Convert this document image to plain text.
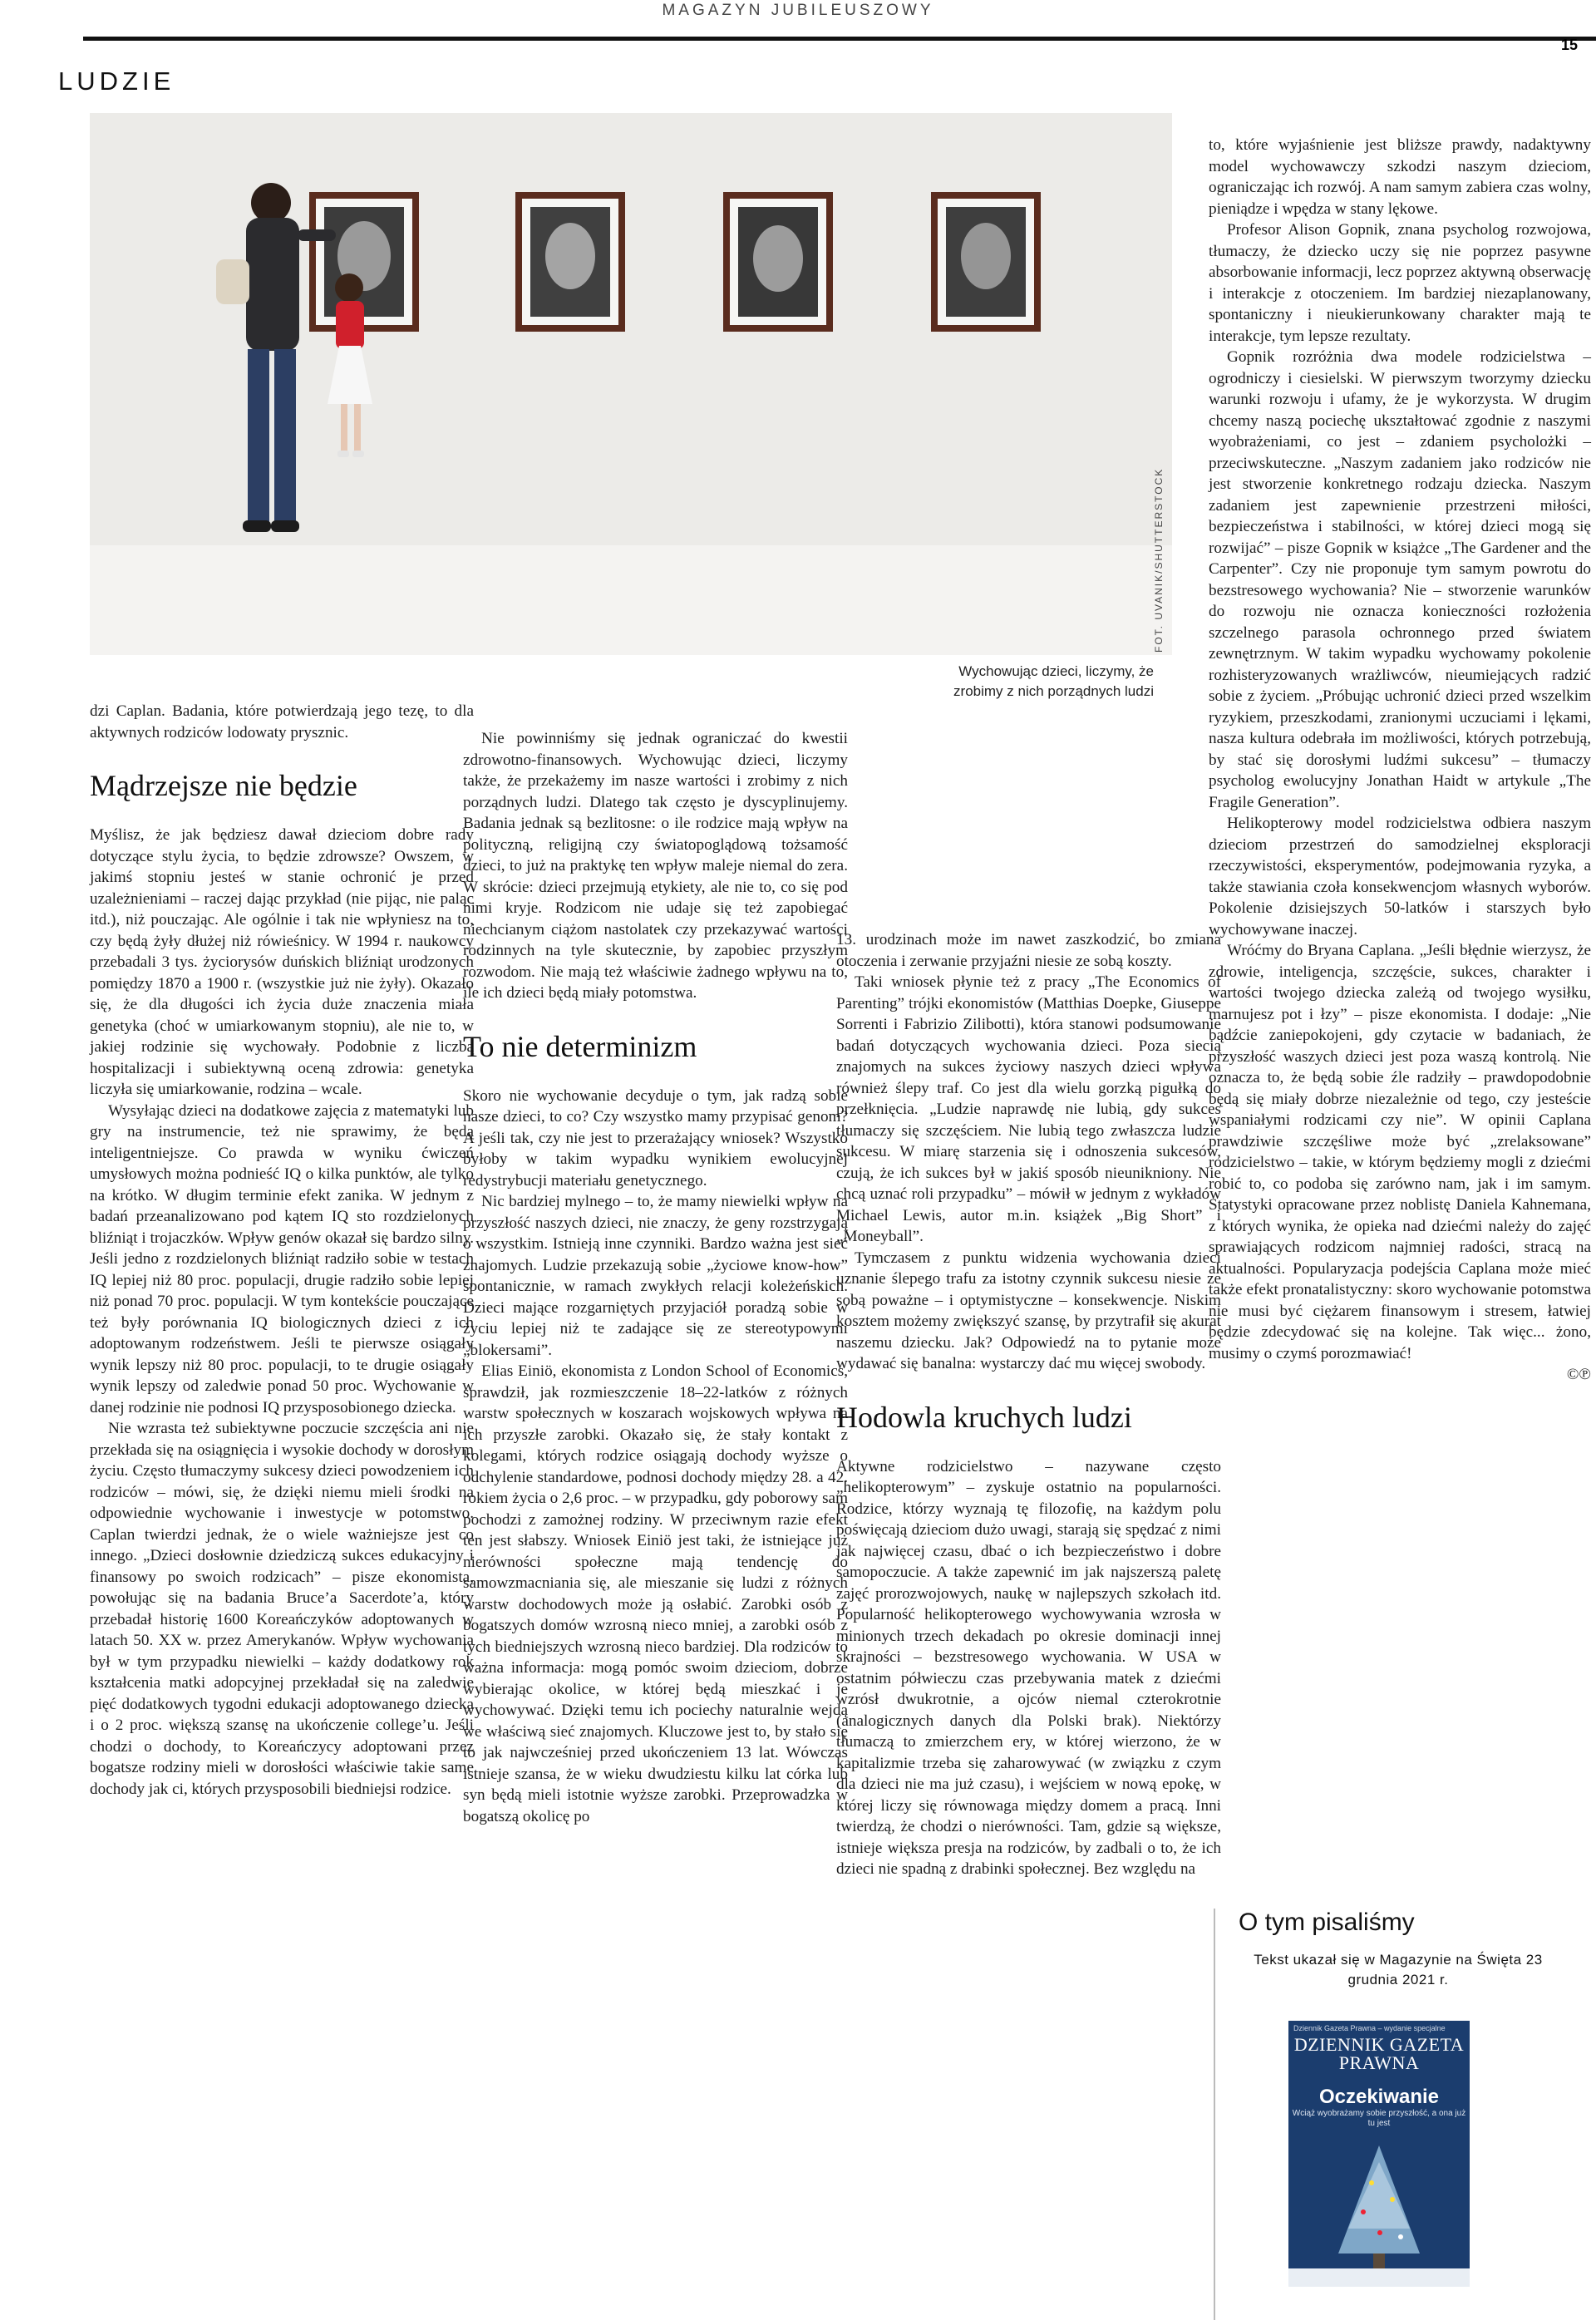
MAGAZYN JUBILEUSZOWY
15
LUDZIE
FOT. UVANIK/SHUTTERSTOCK
Wychowując dzieci, liczymy, że zrobimy z nich porządnych ludzi

dzi Caplan. Badania, które potwierdzają jego tezę, to dla aktywnych rodziców lodowaty prysznic.

Mądrzejsze nie będzie

Myślisz, że jak będziesz dawał dzieciom dobre rady dotyczące stylu życia, to będzie zdrowsze? Owszem, w jakimś stopniu jesteś w stanie ochronić je przed uzależnieniami – raczej dając przykład (nie pijąc, nie paląc itd.), niż pouczając. Ale ogólnie i tak nie wpłyniesz na to, czy będą żyły dłużej niż rówieśnicy. W 1994 r. naukowcy przebadali 3 tys. życiorysów duńskich bliźniąt urodzonych pomiędzy 1870 a 1900 r. (wszystkie już nie żyły). Okazało się, że dla długości ich życia duże znaczenia miała genetyka (choć w umiarkowanym stopniu), ale nie to, w jakiej rodzinie się wychowały. Podobnie z liczbą hospitalizacji i subiektywną oceną zdrowia: genetyka liczyła się umiarkowanie, rodzina – wcale.

Wysyłając dzieci na dodatkowe zajęcia z matematyki lub gry na instrumencie, też nie sprawimy, że będą inteligentniejsze. Co prawda w wyniku ćwiczeń umysłowych można podnieść IQ o kilka punktów, ale tylko na krótko. W długim terminie efekt zanika. W jednym z badań przeanalizowano pod kątem IQ sto rozdzielonych bliźniąt i trojaczków. Wpływ genów okazał się bardzo silny. Jeśli jedno z rozdzielonych bliźniąt radziło sobie w testach IQ lepiej niż 80 proc. populacji, drugie radziło sobie lepiej niż ponad 70 proc. populacji. W tym kontekście pouczające też były porównania IQ biologicznych dzieci z ich adoptowanym rodzeństwem. Jeśli te pierwsze osiągały wynik lepszy niż 80 proc. populacji, to te drugie osiągały wynik lepszy od zaledwie ponad 50 proc. Wychowanie w danej rodzinie nie podnosi IQ przysposobionego dziecka.

Nie wzrasta też subiektywne poczucie szczęścia ani nie przekłada się na osiągnięcia i wysokie dochody w dorosłym życiu. Często tłumaczymy sukcesy dzieci powodzeniem ich rodziców – mówi, się, że dzięki niemu mieli środki na odpowiednie wychowanie i inwestycje w potomstwo. Caplan twierdzi jednak, że o wiele ważniejsze jest co innego. „Dzieci dosłownie dziedziczą sukces edukacyjny i finansowy po swoich rodzicach” – pisze ekonomista, powołując się na badania Bruce’a Sacerdote’a, który przebadał historię 1600 Koreańczyków adoptowanych w latach 50. XX w. przez Amerykanów. Wpływ wychowania był w tym przypadku niewielki – każdy dodatkowy rok kształcenia matki adopcyjnej przekładał się na zaledwie pięć dodatkowych tygodni edukacji adoptowanego dziecka i o 2 proc. większą szansę na ukończenie college’u. Jeśli chodzi o dochody, to Koreańczycy adoptowani przez bogatsze rodziny mieli w dorosłości właściwie takie same dochody jak ci, których przysposobili biedniejsi rodzice.

Nie powinniśmy się jednak ograniczać do kwestii zdrowotno-finansowych. Wychowując dzieci, liczymy także, że przekażemy im nasze wartości i zrobimy z nich porządnych ludzi. Dlatego tak często je dyscyplinujemy. Badania jednak są bezlitosne: o ile rodzice mają wpływ na polityczną, religijną czy światopoglądową tożsamość dzieci, to już na praktykę ten wpływ maleje niemal do zera. W skrócie: dzieci przejmują etykiety, ale nie to, co się pod nimi kryje. Rodzicom nie udaje się też zapobiegać niechcianym ciążom nastolatek czy przekazywać wartości rodzinnych na tyle skutecznie, by zapobiec przyszłym rozwodom. Nie mają też właściwie żadnego wpływu na to, ile ich dzieci będą miały potomstwa.

To nie determinizm

Skoro nie wychowanie decyduje o tym, jak radzą sobie nasze dzieci, to co? Czy wszystko mamy przypisać genom? A jeśli tak, czy nie jest to przerażający wniosek? Wszystko byłoby w takim wypadku wynikiem ewolucyjnej redystrybucji materiału genetycznego.

Nic bardziej mylnego – to, że mamy niewielki wpływ na przyszłość naszych dzieci, nie znaczy, że geny rozstrzygają o wszystkim. Istnieją inne czynniki. Bardzo ważna jest sieć znajomych. Ludzie przekazują sobie „życiowe know-how” spontanicznie, w ramach zwykłych relacji koleżeńskich. Dzieci mające rozgarniętych przyjaciół poradzą sobie w życiu lepiej niż te zadające się ze stereotypowymi „blokersami”.

Elias Einiö, ekonomista z London School of Economics, sprawdził, jak rozmieszczenie 18–22-latków z różnych warstw społecznych w koszarach wojskowych wpływa na ich przyszłe zarobki. Okazało się, że stały kontakt z kolegami, których rodzice osiągają dochody wyższe o odchylenie standardowe, podnosi dochody między 28. a 42. rokiem życia o 2,6 proc. – w przypadku, gdy poborowy sam pochodzi z zamożnej rodziny. W przeciwnym razie efekt ten jest słabszy. Wniosek Einiö jest taki, że istniejące już nierówności społeczne mają tendencję do samowzmacniania się, ale mieszanie się ludzi z różnych warstw dochodowych może ją osłabić. Zarobki osób z bogatszych domów wzrosną nieco mniej, a zarobki osób z tych biedniejszych wzrosną nieco bardziej. Dla rodziców to ważna informacja: mogą pomóc swoim dzieciom, dobrze wybierając okolice, w której będą mieszkać i je wychowywać. Dzięki temu ich pociechy naturalnie wejdą we właściwą sieć znajomych. Kluczowe jest to, by stało się to jak najwcześniej przed ukończeniem 13 lat. Wówczas istnieje szansa, że w wieku dwudziestu kilku lat córka lub syn będą mieli istotnie wyższe zarobki. Przeprowadzka w bogatszą okolicę po

13. urodzinach może im nawet zaszkodzić, bo zmiana otoczenia i zerwanie przyjaźni niesie ze sobą koszty.

Taki wniosek płynie też z pracy „The Economics of Parenting” trójki ekonomistów (Matthias Doepke, Giuseppe Sorrenti i Fabrizio Zilibotti), która stanowi podsumowanie badań dotyczących wychowania dzieci. Poza siecią znajomych na sukces życiowy naszych dzieci wpływa również ślepy traf. Co jest dla wielu gorzką pigułką do przełknięcia. „Ludzie naprawdę nie lubią, gdy sukces tłumaczy się szczęściem. Nie lubią tego zwłaszcza ludzie sukcesu. W miarę starzenia się i odnoszenia sukcesów, czują, że ich sukces był w jakiś sposób nieunikniony. Nie chcą uznać roli przypadku” – mówił w jednym z wykładów Michael Lewis, autor m.in. książek „Big Short” i „Moneyball”.

Tymczasem z punktu widzenia wychowania dzieci uznanie ślepego trafu za istotny czynnik sukcesu niesie ze sobą poważne – i optymistyczne – konsekwencje. Niskim kosztem możemy zwiększyć szansę, by przytrafił się akurat naszemu dziecku. Jak? Odpowiedź na to pytanie może wydawać się banalna: wystarczy dać mu więcej swobody.

Hodowla kruchych ludzi

Aktywne rodzicielstwo – nazywane często „helikopterowym” – zyskuje ostatnio na popularności. Rodzice, którzy wyznają tę filozofię, na każdym polu poświęcają dzieciom dużo uwagi, starają się spędzać z nimi jak najwięcej czasu, dbać o ich bezpieczeństwo i dobre samopoczucie. A także zapewnić im jak najszerszą paletę zajęć prorozwojowych, naukę w najlepszych szkołach itd. Popularność helikopterowego wychowywania wzrosła w minionych trzech dekadach po okresie dominacji innej skrajności – bezstresowego wychowania. W USA w ostatnim półwieczu czas przebywania matek z dziećmi wzrósł dwukrotnie, a ojców niemal czterokrotnie (analogicznych danych dla Polski brak). Niektórzy tłumaczą to zmierzchem ery, w której wierzono, że w kapitalizmie trzeba się zaharowywać (w związku z czym dla dzieci nie ma już czasu), i wejściem w nową epokę, w której liczy się równowaga między domem a pracą. Inni twierdzą, że chodzi o nierówności. Tam, gdzie są większe, istnieje większa presja na rodziców, by zadbali o to, że ich dzieci nie spadną z drabinki społecznej. Bez względu na

to, które wyjaśnienie jest bliższe prawdy, nadaktywny model wychowawczy szkodzi naszym dzieciom, ograniczając ich rozwój. A nam samym zabiera czas wolny, pieniądze i wpędza w stany lękowe.

Profesor Alison Gopnik, znana psycholog rozwojowa, tłumaczy, że dziecko uczy się nie poprzez pasywne absorbowanie informacji, lecz poprzez aktywną obserwację i interakcje z otoczeniem. Im bardziej niezaplanowany, spontaniczny i nieukierunkowany charakter mają te interakcje, tym lepsze rezultaty.

Gopnik rozróżnia dwa modele rodzicielstwa – ogrodniczy i ciesielski. W pierwszym tworzymy dziecku warunki rozwoju i ufamy, że je wykorzysta. W drugim chcemy naszą pociechę ukształtować zgodnie z naszymi wyobrażeniami, co jest – zdaniem psycholożki – przeciwskuteczne. „Naszym zadaniem jako rodziców nie jest stworzenie konkretnego rodzaju dziecka. Naszym zadaniem jest zapewnienie przestrzeni miłości, bezpieczeństwa i stabilności, w której dzieci mogą się rozwijać” – pisze Gopnik w książce „The Gardener and the Carpenter”. Czy nie proponuje tym samym powrotu do bezstresowego wychowania? Nie – stworzenie warunków do rozwoju nie oznacza konieczności rozłożenia szczelnego parasola ochronnego przed światem zewnętrznym. W takim wypadku wychowamy pokolenie rozhisteryzowanych wrażliwców, nieumiejących radzić sobie z życiem. „Próbując uchronić dzieci przed wszelkim ryzykiem, przeszkodami, zranionymi uczuciami i lękami, nasza kultura odebrała im możliwości, których potrzebują, by stać się dorosłymi ludźmi sukcesu” – tłumaczy psycholog ewolucyjny Jonathan Haidt w artykule „The Fragile Generation”.

Helikopterowy model rodzicielstwa odbiera naszym dzieciom przestrzeń do samodzielnej eksploracji rzeczywistości, eksperymentów, podejmowania ryzyka, a także stawiania czoła konsekwencjom własnych wyborów. Pokolenie dzisiejszych 50-latków i starszych było wychowywane inaczej.

Wróćmy do Bryana Caplana. „Jeśli błędnie wierzysz, że zdrowie, inteligencja, szczęście, sukces, charakter i wartości twojego dziecka zależą od twojego wysiłku, marnujesz pot i łzy” – pisze ekonomista. I dodaje: „Nie bądźcie zaniepokojeni, gdy czytacie w badaniach, że przyszłość waszych dzieci jest poza waszą kontrolą. Nie oznacza to, że będą sobie źle radziły – prawdopodobnie będą się miały dobrze niezależnie od tego, czy jesteście wspaniałymi rodzicami czy nie”. W opinii Caplana prawdziwie szczęśliwe może być „zrelaksowane” rodzicielstwo – takie, w którym będziemy mogli z dziećmi robić to, co podoba się zarówno nam, jak i im samym. Statystyki opracowane przez noblistę Daniela Kahnemana, z których wynika, że opieka nad dziećmi należy do zajęć sprawiających rodzicom najmniej radości, stracą na aktualności. Popularyzacja podejścia Caplana może mieć także efekt pronatalistyczny: skoro wychowanie potomstwa nie musi być ciężarem finansowym i stresem, łatwiej będzie zdecydować się na kolejne. Tak więc... żono, musimy o czymś porozmawiać!

©℗

O tym pisaliśmy
Tekst ukazał się w Magazynie na Święta 23 grudnia 2021 r.
Dziennik Gazeta Prawna – wydanie specjalne
DZIENNIK GAZETA PRAWNA
Oczekiwanie
Wciąż wyobrażamy sobie przyszłość, a ona już tu jest
